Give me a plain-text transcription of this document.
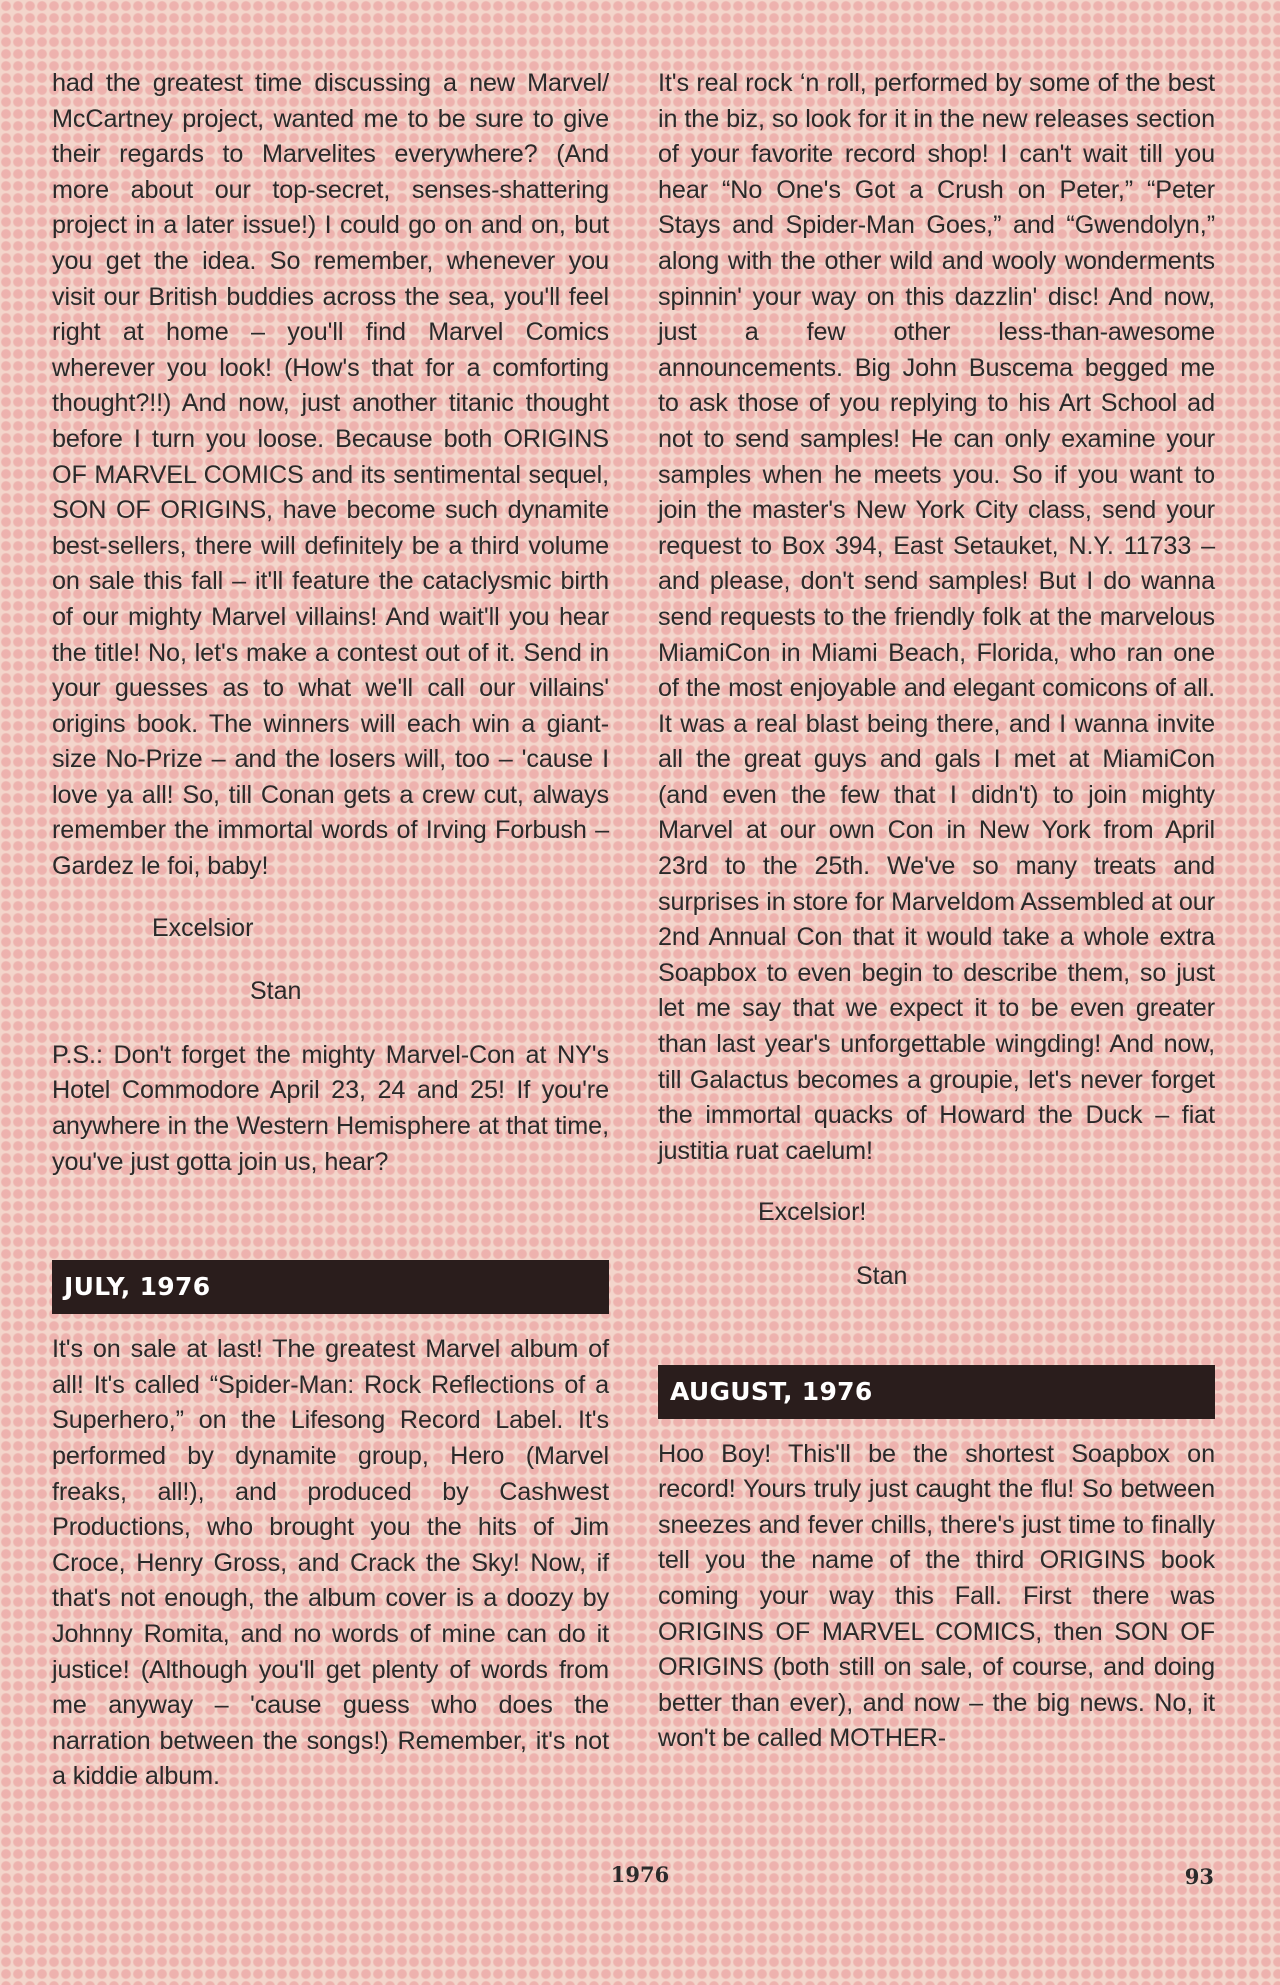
had the greatest time discussing a new Marvel/ McCartney project, wanted me to be sure to give their regards to Marvelites everywhere? (And more about our top-secret, senses-shattering project in a later issue!) I could go on and on, but you get the idea. So remember, whenever you visit our British buddies across the sea, you'll feel right at home – you'll find Marvel Comics wherever you look! (How's that for a comforting thought?!!) And now, just another titanic thought before I turn you loose. Because both ORIGINS OF MARVEL COMICS and its sentimental sequel, SON OF ORIGINS, have become such dynamite best-sellers, there will definitely be a third volume on sale this fall – it'll feature the cataclysmic birth of our mighty Marvel villains! And wait'll you hear the title! No, let's make a contest out of it. Send in your guesses as to what we'll call our villains' origins book. The winners will each win a giant-size No-Prize – and the losers will, too – 'cause I love ya all! So, till Conan gets a crew cut, always remember the immortal words of Irving Forbush – Gardez le foi, baby!

Excelsior

Stan

P.S.: Don't forget the mighty Marvel-Con at NY's Hotel Commodore April 23, 24 and 25! If you're anywhere in the Western Hemisphere at that time, you've just gotta join us, hear?

JULY, 1976

It's on sale at last! The greatest Marvel album of all! It's called “Spider-Man: Rock Reflections of a Superhero,” on the Lifesong Record Label. It's performed by dynamite group, Hero (Marvel freaks, all!), and produced by Cashwest Productions, who brought you the hits of Jim Croce, Henry Gross, and Crack the Sky! Now, if that's not enough, the album cover is a doozy by Johnny Romita, and no words of mine can do it justice! (Although you'll get plenty of words from me anyway – 'cause guess who does the narration between the songs!) Remember, it's not a kiddie album.

It's real rock ‘n roll, performed by some of the best in the biz, so look for it in the new releases section of your favorite record shop! I can't wait till you hear “No One's Got a Crush on Peter,” “Peter Stays and Spider-Man Goes,” and “Gwendolyn,” along with the other wild and wooly wonderments spinnin' your way on this dazzlin' disc! And now, just a few other less-than-awesome announcements. Big John Buscema begged me to ask those of you replying to his Art School ad not to send samples! He can only examine your samples when he meets you. So if you want to join the master's New York City class, send your request to Box 394, East Setauket, N.Y. 11733 – and please, don't send samples! But I do wanna send requests to the friendly folk at the marvelous MiamiCon in Miami Beach, Florida, who ran one of the most enjoyable and elegant comicons of all. It was a real blast being there, and I wanna invite all the great guys and gals I met at MiamiCon (and even the few that I didn't) to join mighty Marvel at our own Con in New York from April 23rd to the 25th. We've so many treats and surprises in store for Marveldom Assembled at our 2nd Annual Con that it would take a whole extra Soapbox to even begin to describe them, so just let me say that we expect it to be even greater than last year's unforgettable wingding! And now, till Galactus becomes a groupie, let's never forget the immortal quacks of Howard the Duck – fiat justitia ruat caelum!

Excelsior!

Stan

AUGUST, 1976

Hoo Boy! This'll be the shortest Soapbox on record! Yours truly just caught the flu! So between sneezes and fever chills, there's just time to finally tell you the name of the third ORIGINS book coming your way this Fall. First there was ORIGINS OF MARVEL COMICS, then SON OF ORIGINS (both still on sale, of course, and doing better than ever), and now – the big news. No, it won't be called MOTHER-

1976	93
